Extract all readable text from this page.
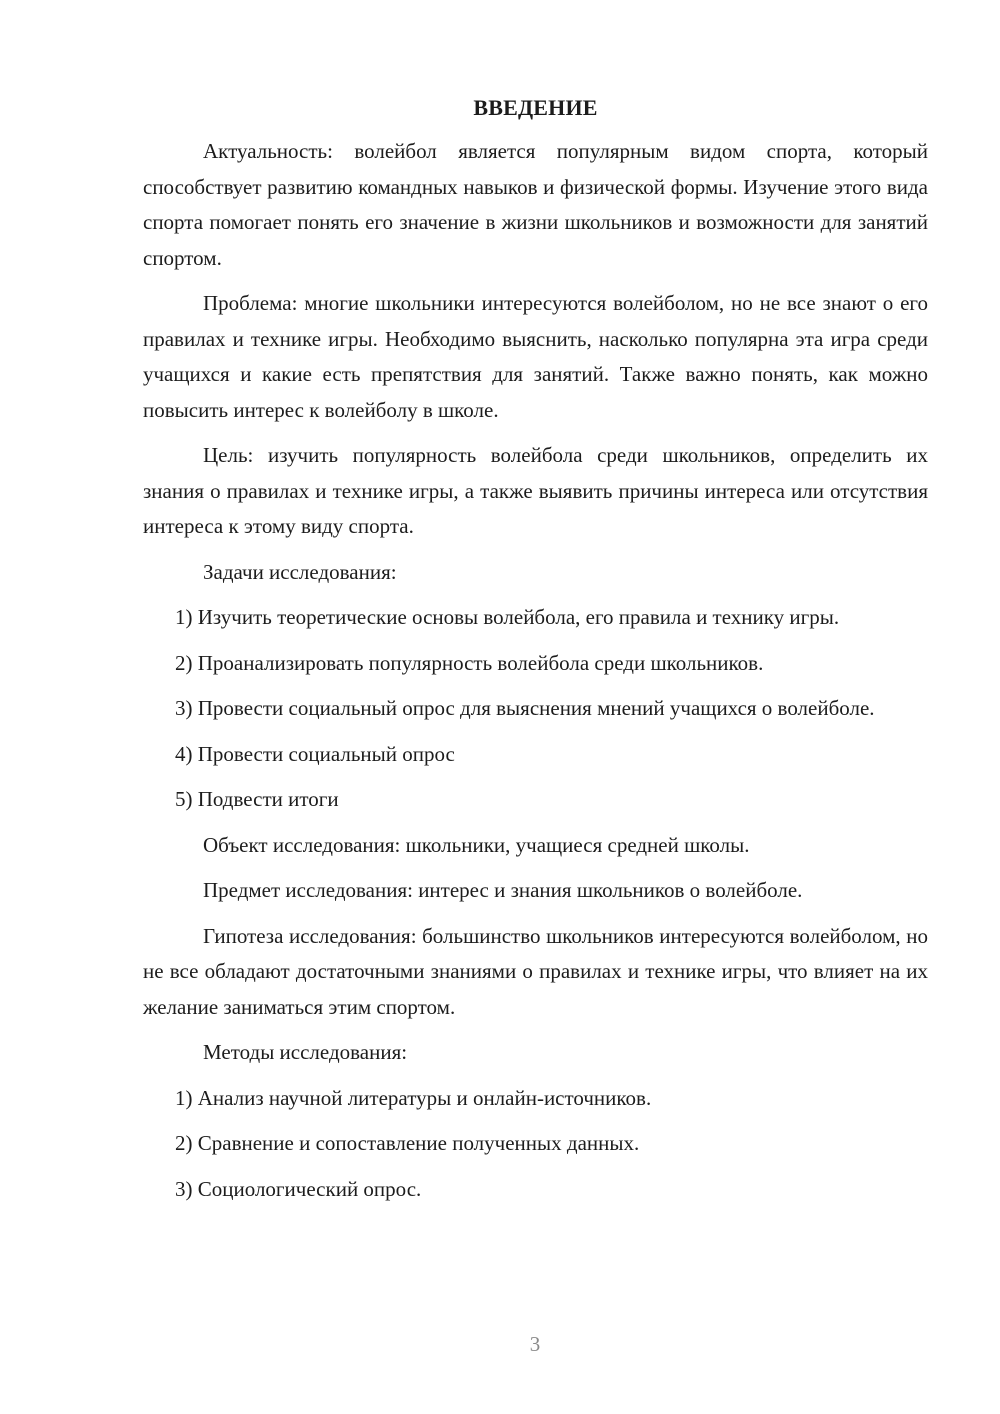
ВВЕДЕНИЕ

Актуальность: волейбол является популярным видом спорта, который способствует развитию командных навыков и физической формы. Изучение этого вида спорта помогает понять его значение в жизни школьников и возможности для занятий спортом.

Проблема: многие школьники интересуются волейболом, но не все знают о его правилах и технике игры. Необходимо выяснить, насколько популярна эта игра среди учащихся и какие есть препятствия для занятий. Также важно понять, как можно повысить интерес к волейболу в школе.

Цель: изучить популярность волейбола среди школьников, определить их знания о правилах и технике игры, а также выявить причины интереса или отсутствия интереса к этому виду спорта.

Задачи исследования:

1) Изучить теоретические основы волейбола, его правила и технику игры.

2) Проанализировать популярность волейбола среди школьников.

3) Провести социальный опрос для выяснения мнений учащихся о волейболе.

4) Провести социальный опрос

5) Подвести итоги

Объект исследования: школьники, учащиеся средней школы.

Предмет исследования: интерес и знания школьников о волейболе.

Гипотеза исследования: большинство школьников интересуются волейболом, но не все обладают достаточными знаниями о правилах и технике игры, что влияет на их желание заниматься этим спортом.

Методы исследования:

1) Анализ научной литературы и онлайн-источников.

2) Сравнение и сопоставление полученных данных.

3) Социологический опрос.

3
